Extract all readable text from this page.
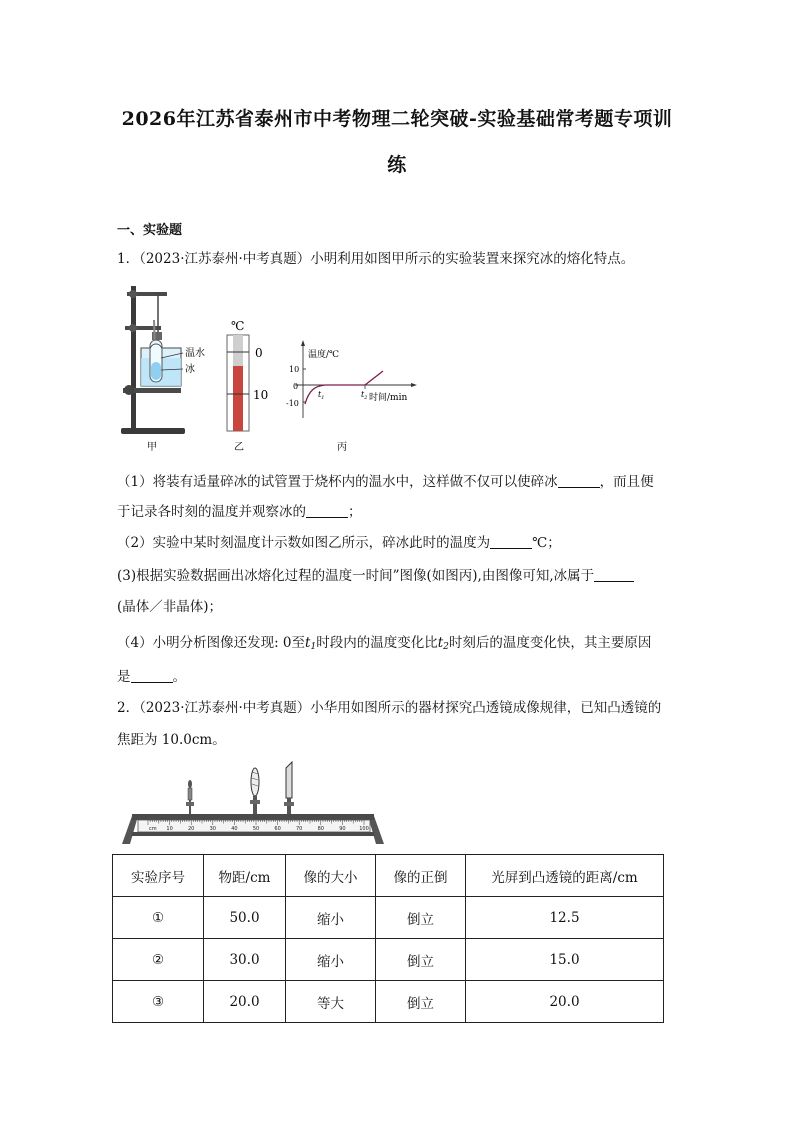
2026年江苏省泰州市中考物理二轮突破-实验基础常考题专项训
练
一、实验题
1．（2023·江苏泰州·中考真题）小明利用如图甲所示的实验装置来探究冰的熔化特点。
温水
冰
甲
℃
0
10
乙
温度/℃
时间/min
10
0
-10
$t_1$	$t_2$
丙
（1）将装有适量碎冰的试管置于烧杯内的温水中，这样做不仅可以使碎冰	，而且便
于记录各时刻的温度并观察冰的	；
（2）实验中某时刻温度计示数如图乙所示，碎冰此时的温度为	℃；
(3)根据实验数据画出冰熔化过程的温度一时间”图像(如图丙),由图像可知,冰属于
(晶体／非晶体)；
（4）小明分析图像还发现: 0至$t_1$时段内的温度变化比$t_2$时刻后的温度变化快，其主要原因
是	。
2．（2023·江苏泰州·中考真题）小华用如图所示的器材探究凸透镜成像规律，已知凸透镜的
焦距为 10.0cm。
cm 10	20	30	40	50	60	70	80	90	100
实验序号	物距/cm	像的大小	像的正倒	光屏到凸透镜的距离/cm
①	50.0	缩小	倒立	12.5
②	30.0	缩小	倒立	15.0
③	20.0	等大	倒立	20.0
